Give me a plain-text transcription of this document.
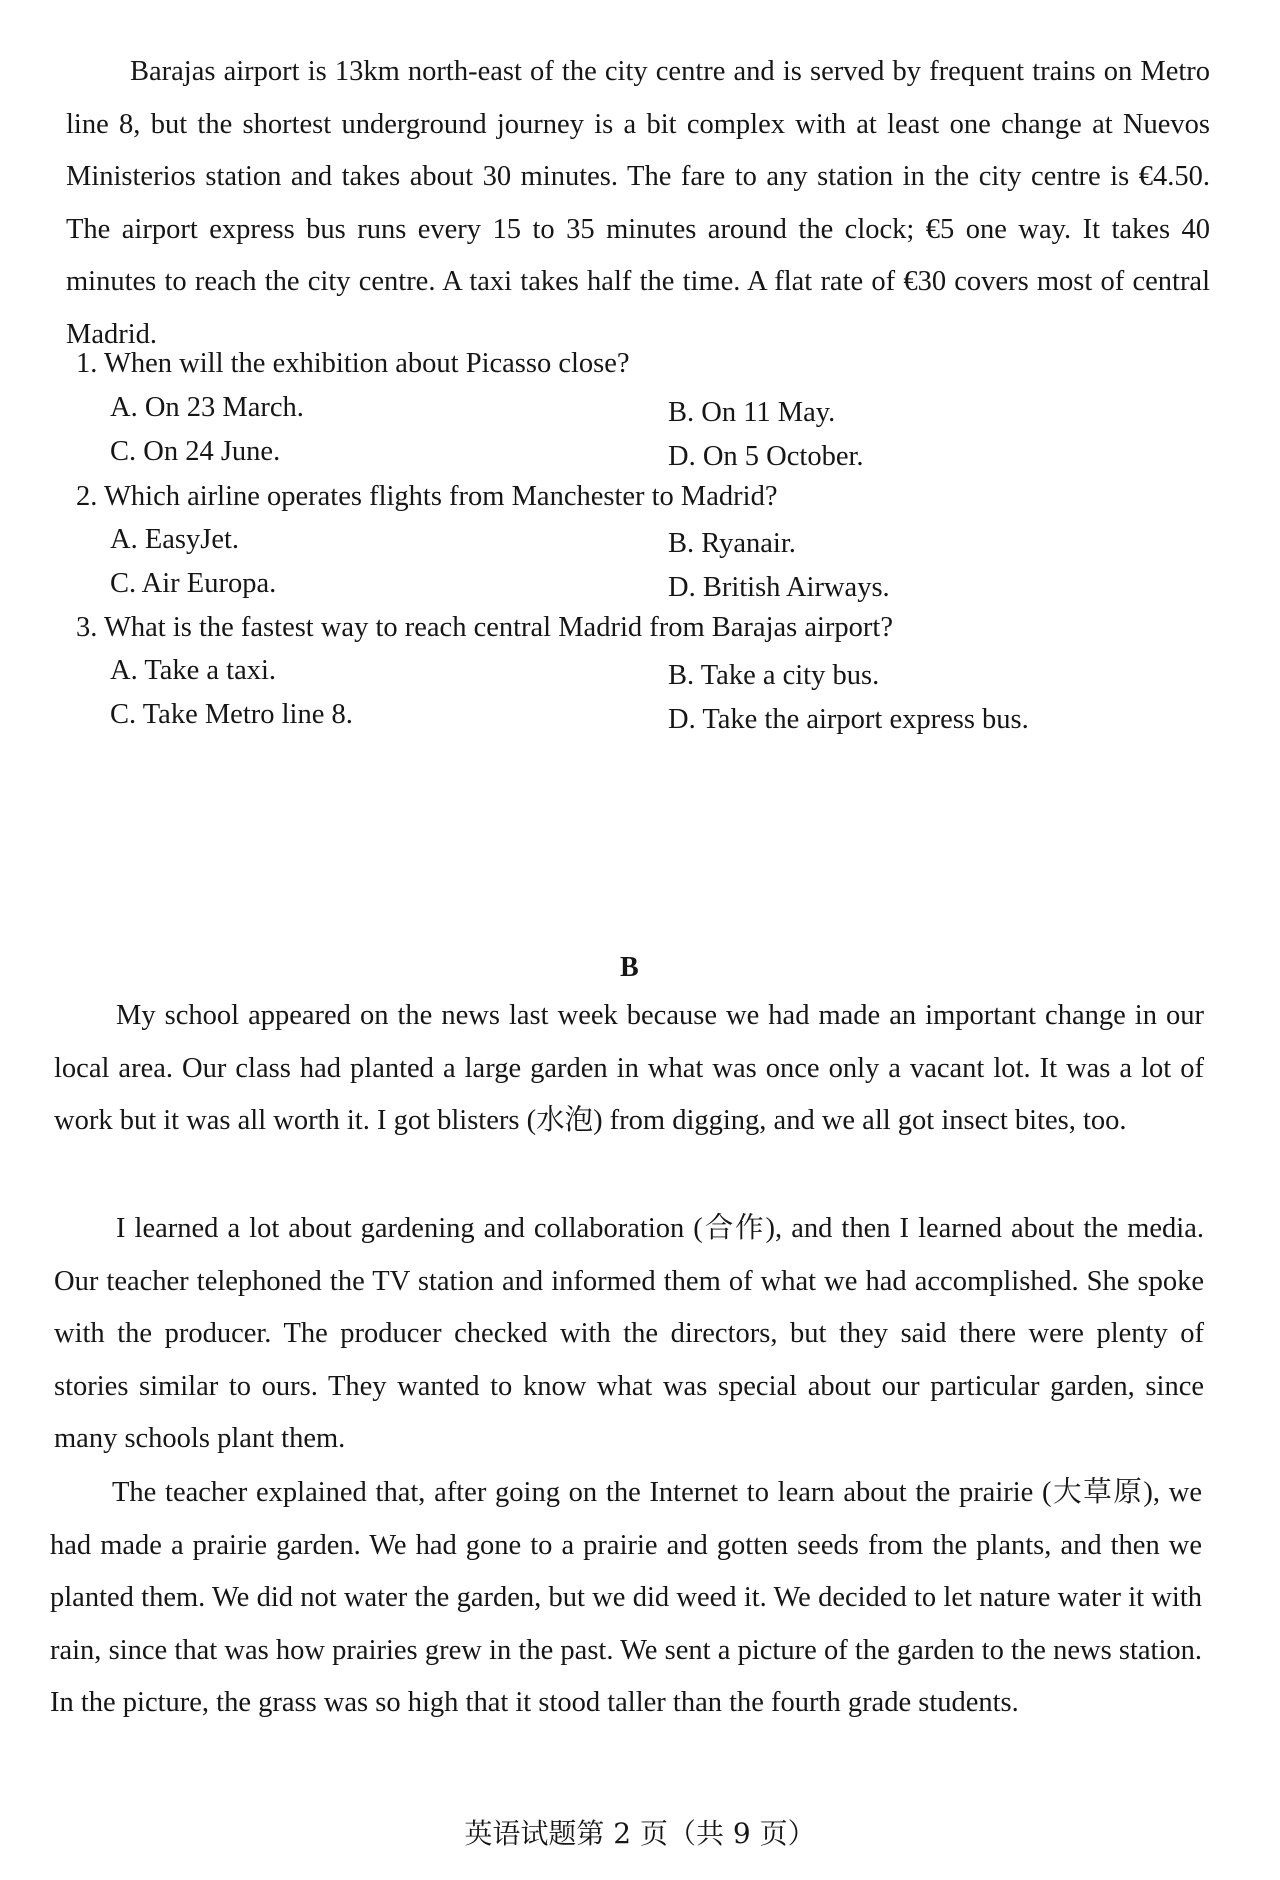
Barajas airport is 13km north-east of the city centre and is served by frequent trains on Metro line 8, but the shortest underground journey is a bit complex with at least one change at Nuevos Ministerios station and takes about 30 minutes. The fare to any station in the city centre is €4.50. The airport express bus runs every 15 to 35 minutes around the clock; €5 one way. It takes 40 minutes to reach the city centre. A taxi takes half the time. A flat rate of €30 covers most of central Madrid.

1. When will the exhibition about Picasso close?

A. On 23 March.	B. On 11 May.

C. On 24 June.	D. On 5 October.

2. Which airline operates flights from Manchester to Madrid?

A. EasyJet.	B. Ryanair.

C. Air Europa.	D. British Airways.

3. What is the fastest way to reach central Madrid from Barajas airport?

A. Take a taxi.	B. Take a city bus.

C. Take Metro line 8.	D. Take the airport express bus.

B

My school appeared on the news last week because we had made an important change in our local area. Our class had planted a large garden in what was once only a vacant lot. It was a lot of work but it was all worth it. I got blisters (水泡) from digging, and we all got insect bites, too.

I learned a lot about gardening and collaboration (合作), and then I learned about the media. Our teacher telephoned the TV station and informed them of what we had accomplished. She spoke with the producer. The producer checked with the directors, but they said there were plenty of stories similar to ours. They wanted to know what was special about our particular garden, since many schools plant them.

The teacher explained that, after going on the Internet to learn about the prairie (大草原), we had made a prairie garden. We had gone to a prairie and gotten seeds from the plants, and then we planted them. We did not water the garden, but we did weed it. We decided to let nature water it with rain, since that was how prairies grew in the past. We sent a picture of the garden to the news station. In the picture, the grass was so high that it stood taller than the fourth grade students.

英语试题第 2 页（共 9 页）
